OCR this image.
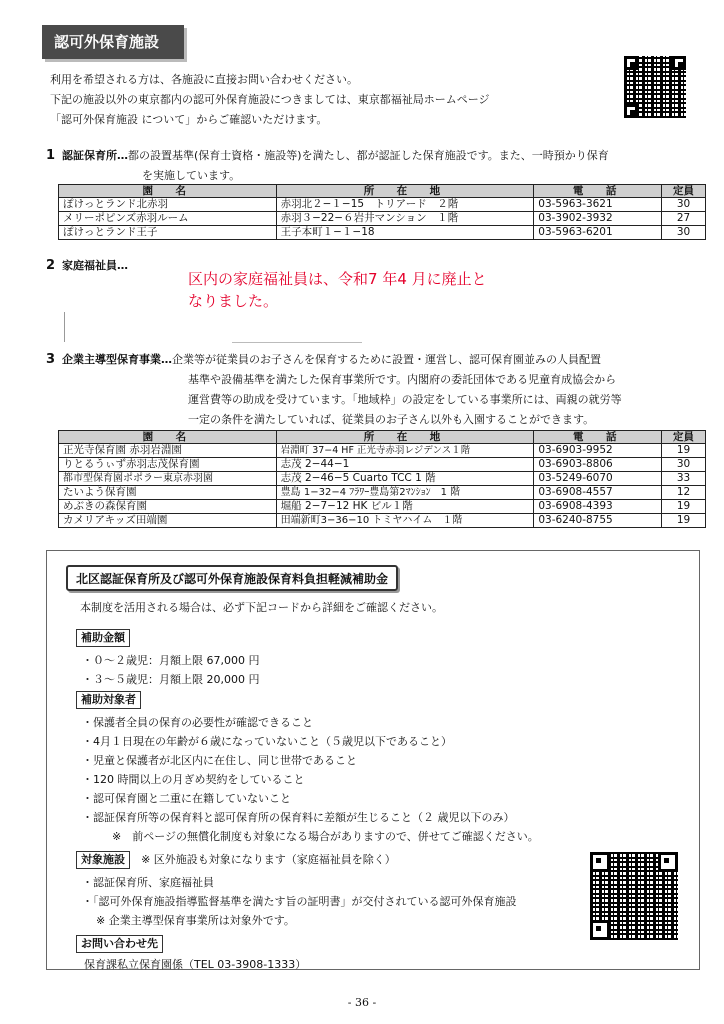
認可外保育施設
利用を希望される方は、各施設に直接お問い合わせください。
下記の施設以外の東京都内の認可外保育施設につきましては、東京都福祉局ホームページ
「認可外保育施設 について」からご確認いただけます。
1 認証保育所…都の設置基準(保育士資格・施設等)を満たし、都が認証した保育施設です。また、一時預かり保育
を実施しています。
園　名	所　在　地	電　話	定員
ぽけっとランド北赤羽	赤羽北２−１−15　トリアード　２階	03-5963-3621	30
メリーポピンズ赤羽ルーム	赤羽３−22−６岩井マンション　１階	03-3902-3932	27
ぽけっとランド王子	王子本町１−１−18	03-5963-6201	30
2 家庭福祉員…
区内の家庭福祉員は、令和7 年4 月に廃止と
なりました。
3 企業主導型保育事業…企業等が従業員のお子さんを保育するために設置・運営し、認可保育園並みの人員配置
基準や設備基準を満たした保育事業所です。内閣府の委託団体である児童育成協会から
運営費等の助成を受けています。「地域枠」の設定をしている事業所には、両親の就労等
一定の条件を満たしていれば、従業員のお子さん以外も入園することができます。
園　名	所　在　地	電　話	定員
正光寺保育園 赤羽岩淵園	岩淵町 37−4 HF 正光寺赤羽レジデンス１階	03-6903-9952	19
りとるうぃず赤羽志茂保育園	志茂 2−44−1	03-6903-8806	30
都市型保育園ポポラー東京赤羽園	志茂 2−46−5 Cuarto TCC 1 階	03-5249-6070	33
たいよう保育園	豊島 1−32−4 ﾌﾗﾜｰ豊島第2ﾏﾝｼｮﾝ　1 階	03-6908-4557	12
めぶきの森保育園	堀船 2−7−12 HK ビル１階	03-6908-4393	19
カメリアキッズ田端園	田端新町3−36−10 トミヤハイム　１階	03-6240-8755	19
北区認証保育所及び認可外保育施設保育料負担軽減補助金
本制度を活用される場合は、必ず下記コードから詳細をご確認ください。
補助金額
・０〜２歳児：月額上限 67,000 円
・３〜５歳児：月額上限 20,000 円
補助対象者
・保護者全員の保育の必要性が確認できること
・4月１日現在の年齢が６歳になっていないこと（５歳児以下であること）
・児童と保護者が北区内に在住し、同じ世帯であること
・120 時間以上の月ぎめ契約をしていること
・認可保育園と二重に在籍していないこと
・認証保育所等の保育料と認可保育所の保育料に差額が生じること（２ 歳児以下のみ）
※　前ページの無償化制度も対象になる場合がありますので、併せてご確認ください。
対象施設 ※ 区外施設も対象になります（家庭福祉員を除く）
・認証保育所、家庭福祉員
・「認可外保育施設指導監督基準を満たす旨の証明書」が交付されている認可外保育施設
※ 企業主導型保育事業所は対象外です。
お問い合わせ先
保育課私立保育園係（TEL 03-3908-1333）
- 36 -
